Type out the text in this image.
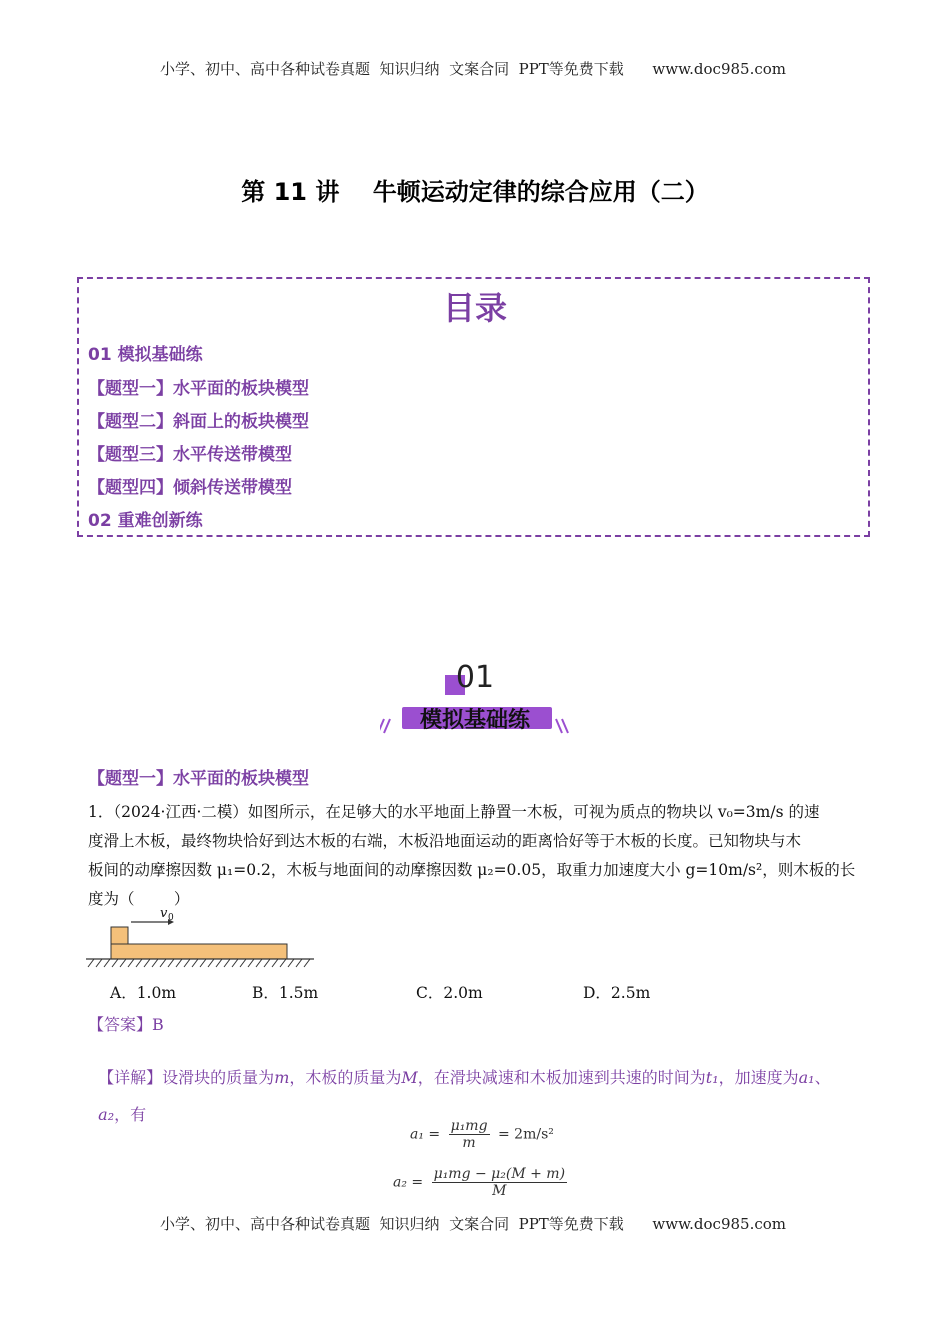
小学、初中、高中各种试卷真题  知识归纳  文案合同  PPT等免费下载      www.doc985.com
第 11 讲    牛顿运动定律的综合应用（二）
目录
01 模拟基础练
【题型一】水平面的板块模型
【题型二】斜面上的板块模型
【题型三】水平传送带模型
【题型四】倾斜传送带模型
02 重难创新练
01
模拟基础练
【题型一】水平面的板块模型
1．（2024·江西·二模）如图所示，在足够大的水平地面上静置一木板，可视为质点的物块以 v₀=3m/s 的速
度滑上木板，最终物块恰好到达木板的右端，木板沿地面运动的距离恰好等于木板的长度。已知物块与木
板间的动摩擦因数 μ₁=0.2，木板与地面间的动摩擦因数 μ₂=0.05，取重力加速度大小 g=10m/s²，则木板的长
度为（        ）
v 0
A．1.0m	B．1.5m	C．2.0m	D．2.5m
【答案】B

【详解】设滑块的质量为m，木板的质量为M，在滑块减速和木板加速到共速的时间为t₁，加速度为a₁、

a₂，有

$a_1 = \frac{\text{μ₁mg}}{m} = 2m/s^2$
$a_2 = \frac{\text{μ₁mg − μ₂(M + m)}}{M}$
小学、初中、高中各种试卷真题  知识归纳  文案合同  PPT等免费下载      www.doc985.com
